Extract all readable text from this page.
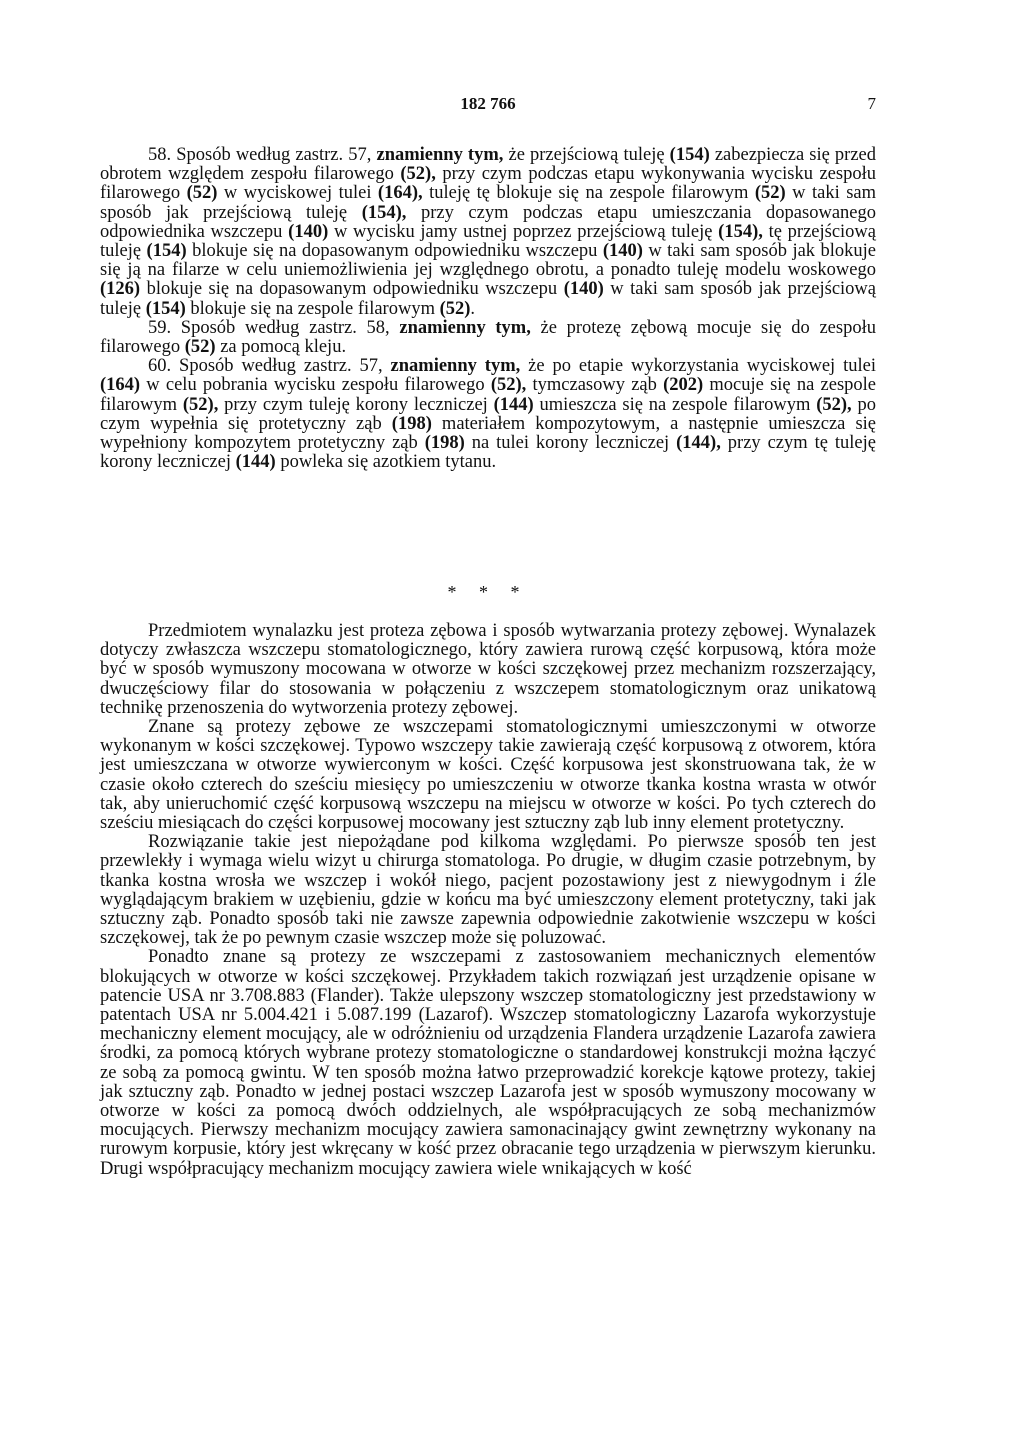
182 766	7

58. Sposób według zastrz. 57, znamienny tym, że przejściową tuleję (154) zabezpiecza się przed obrotem względem zespołu filarowego (52), przy czym podczas etapu wykonywania wycisku zespołu filarowego (52) w wyciskowej tulei (164), tuleję tę blokuje się na zespole filarowym (52) w taki sam sposób jak przejściową tuleję (154), przy czym podczas etapu umieszczania dopasowanego odpowiednika wszczepu (140) w wycisku jamy ustnej poprzez przejściową tuleję (154), tę przejściową tuleję (154) blokuje się na dopasowanym odpowiedniku wszczepu (140) w taki sam sposób jak blokuje się ją na filarze w celu uniemożliwienia jej względnego obrotu, a ponadto tuleję modelu woskowego (126) blokuje się na dopasowanym odpowiedniku wszczepu (140) w taki sam sposób jak przejściową tuleję (154) blokuje się na zespole filarowym (52).

59. Sposób według zastrz. 58, znamienny tym, że protezę zębową mocuje się do zespołu filarowego (52) za pomocą kleju.

60. Sposób według zastrz. 57, znamienny tym, że po etapie wykorzystania wyciskowej tulei (164) w celu pobrania wycisku zespołu filarowego (52), tymczasowy ząb (202) mocuje się na zespole filarowym (52), przy czym tuleję korony leczniczej (144) umieszcza się na zespole filarowym (52), po czym wypełnia się protetyczny ząb (198) materiałem kompozytowym, a następnie umieszcza się wypełniony kompozytem protetyczny ząb (198) na tulei korony leczniczej (144), przy czym tę tuleję korony leczniczej (144) powleka się azotkiem tytanu.

* * *

Przedmiotem wynalazku jest proteza zębowa i sposób wytwarzania protezy zębowej. Wynalazek dotyczy zwłaszcza wszczepu stomatologicznego, który zawiera rurową część korpusową, która może być w sposób wymuszony mocowana w otworze w kości szczękowej przez mechanizm rozszerzający, dwuczęściowy filar do stosowania w połączeniu z wszczepem stomatologicznym oraz unikatową technikę przenoszenia do wytworzenia protezy zębowej.

Znane są protezy zębowe ze wszczepami stomatologicznymi umieszczonymi w otworze wykonanym w kości szczękowej. Typowo wszczepy takie zawierają część korpusową z otworem, która jest umieszczana w otworze wywierconym w kości. Część korpusowa jest skonstruowana tak, że w czasie około czterech do sześciu miesięcy po umieszczeniu w otworze tkanka kostna wrasta w otwór tak, aby unieruchomić część korpusową wszczepu na miejscu w otworze w kości. Po tych czterech do sześciu miesiącach do części korpusowej mocowany jest sztuczny ząb lub inny element protetyczny.

Rozwiązanie takie jest niepożądane pod kilkoma względami. Po pierwsze sposób ten jest przewlekły i wymaga wielu wizyt u chirurga stomatologa. Po drugie, w długim czasie potrzebnym, by tkanka kostna wrosła we wszczep i wokół niego, pacjent pozostawiony jest z niewygodnym i źle wyglądającym brakiem w uzębieniu, gdzie w końcu ma być umieszczony element protetyczny, taki jak sztuczny ząb. Ponadto sposób taki nie zawsze zapewnia odpowiednie zakotwienie wszczepu w kości szczękowej, tak że po pewnym czasie wszczep może się poluzować.

Ponadto znane są protezy ze wszczepami z zastosowaniem mechanicznych elementów blokujących w otworze w kości szczękowej. Przykładem takich rozwiązań jest urządzenie opisane w patencie USA nr 3.708.883 (Flander). Także ulepszony wszczep stomatologiczny jest przedstawiony w patentach USA nr 5.004.421 i 5.087.199 (Lazarof). Wszczep stomatologiczny Lazarofa wykorzystuje mechaniczny element mocujący, ale w odróżnieniu od urządzenia Flandera urządzenie Lazarofa zawiera środki, za pomocą których wybrane protezy stomatologiczne o standardowej konstrukcji można łączyć ze sobą za pomocą gwintu. W ten sposób można łatwo przeprowadzić korekcje kątowe protezy, takiej jak sztuczny ząb. Ponadto w jednej postaci wszczep Lazarofa jest w sposób wymuszony mocowany w otworze w kości za pomocą dwóch oddzielnych, ale współpracujących ze sobą mechanizmów mocujących. Pierwszy mechanizm mocujący zawiera samonacinający gwint zewnętrzny wykonany na rurowym korpusie, który jest wkręcany w kość przez obracanie tego urządzenia w pierwszym kierunku. Drugi współpracujący mechanizm mocujący zawiera wiele wnikających w kość
